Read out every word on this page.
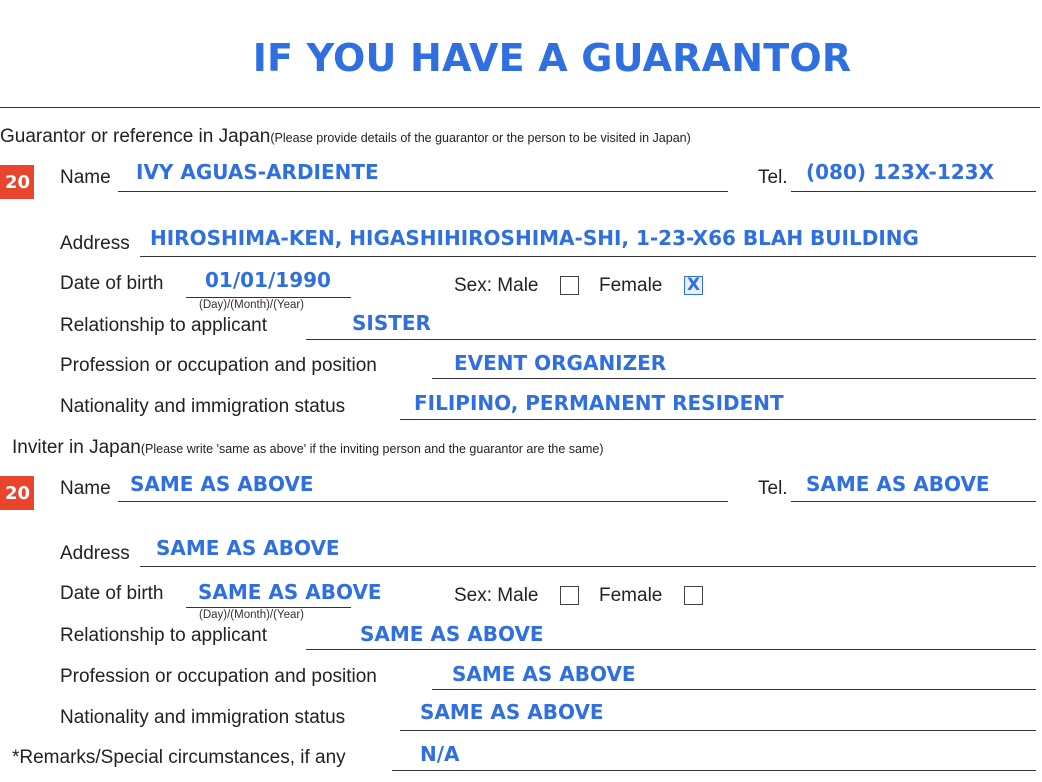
IF YOU HAVE A GUARANTOR
Guarantor or reference in Japan(Please provide details of the guarantor or the person to be visited in Japan)
20 Name IVY AGUAS-ARDIENTE	Tel. (080) 123X-123X
Address HIROSHIMA-KEN, HIGASHIHIROSHIMA-SHI, 1-23-X66 BLAH BUILDING
Date of birth 01/01/1990
(Day)/(Month)/(Year)
Sex: Male	Female X
Relationship to applicant	SISTER
Profession or occupation and position	EVENT ORGANIZER
Nationality and immigration status	FILIPINO, PERMANENT RESIDENT
Inviter in Japan(Please write 'same as above' if the inviting person and the guarantor are the same)
20 Name SAME AS ABOVE	Tel. SAME AS ABOVE
Address SAME AS ABOVE
Date of birth SAME AS ABOVE
(Day)/(Month)/(Year)
Sex: Male	Female
Relationship to applicant	SAME AS ABOVE
Profession or occupation and position	SAME AS ABOVE
Nationality and immigration status	SAME AS ABOVE
*Remarks/Special circumstances, if any	N/A
